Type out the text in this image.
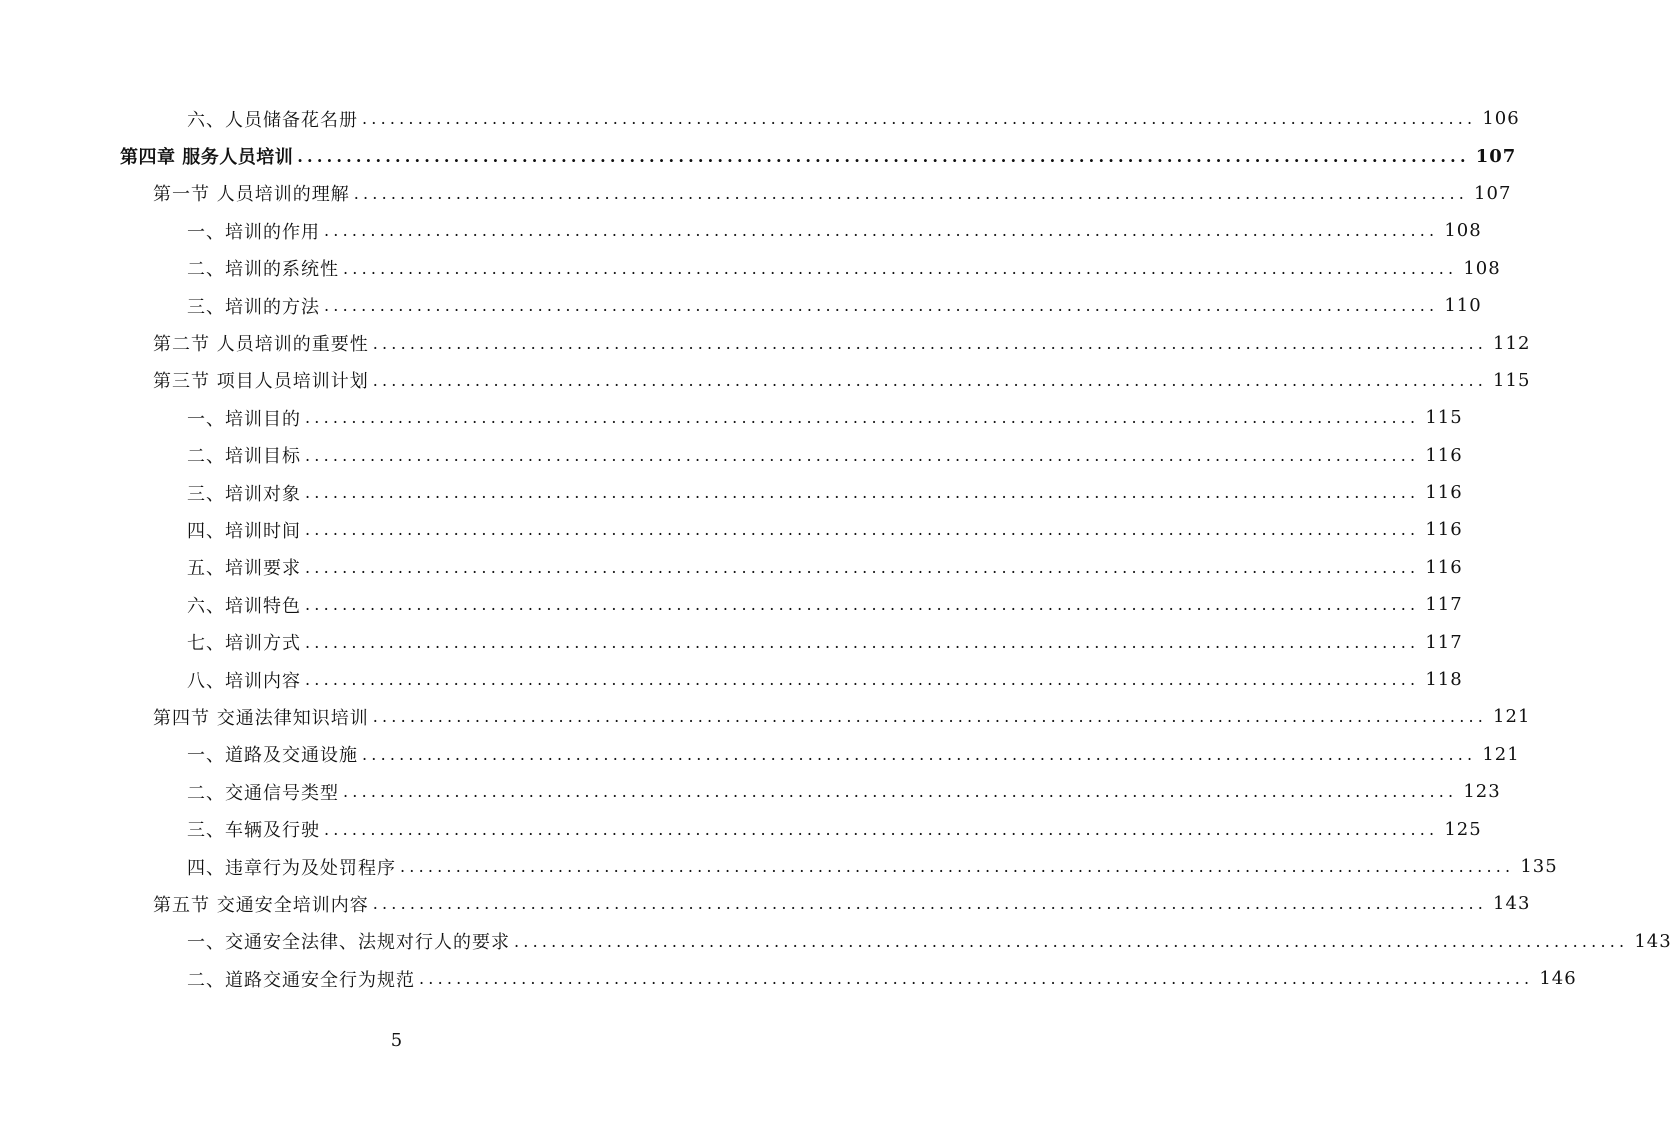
六、人员储备花名册 ........................................................................................................................ 106
第四章 服务人员培训 ........................................................................................................................ 107
第一节 人员培训的理解 ........................................................................................................................ 107
一、培训的作用 ........................................................................................................................ 108
二、培训的系统性 ........................................................................................................................ 108
三、培训的方法 ........................................................................................................................ 110
第二节 人员培训的重要性 ........................................................................................................................ 112
第三节 项目人员培训计划 ........................................................................................................................ 115
一、培训目的 ........................................................................................................................ 115
二、培训目标 ........................................................................................................................ 116
三、培训对象 ........................................................................................................................ 116
四、培训时间 ........................................................................................................................ 116
五、培训要求 ........................................................................................................................ 116
六、培训特色 ........................................................................................................................ 117
七、培训方式 ........................................................................................................................ 117
八、培训内容 ........................................................................................................................ 118
第四节 交通法律知识培训 ........................................................................................................................ 121
一、道路及交通设施 ........................................................................................................................ 121
二、交通信号类型 ........................................................................................................................ 123
三、车辆及行驶 ........................................................................................................................ 125
四、违章行为及处罚程序 ........................................................................................................................ 135
第五节 交通安全培训内容 ........................................................................................................................ 143
一、交通安全法律、法规对行人的要求 ........................................................................................................................ 143
二、道路交通安全行为规范 ........................................................................................................................ 146
5
